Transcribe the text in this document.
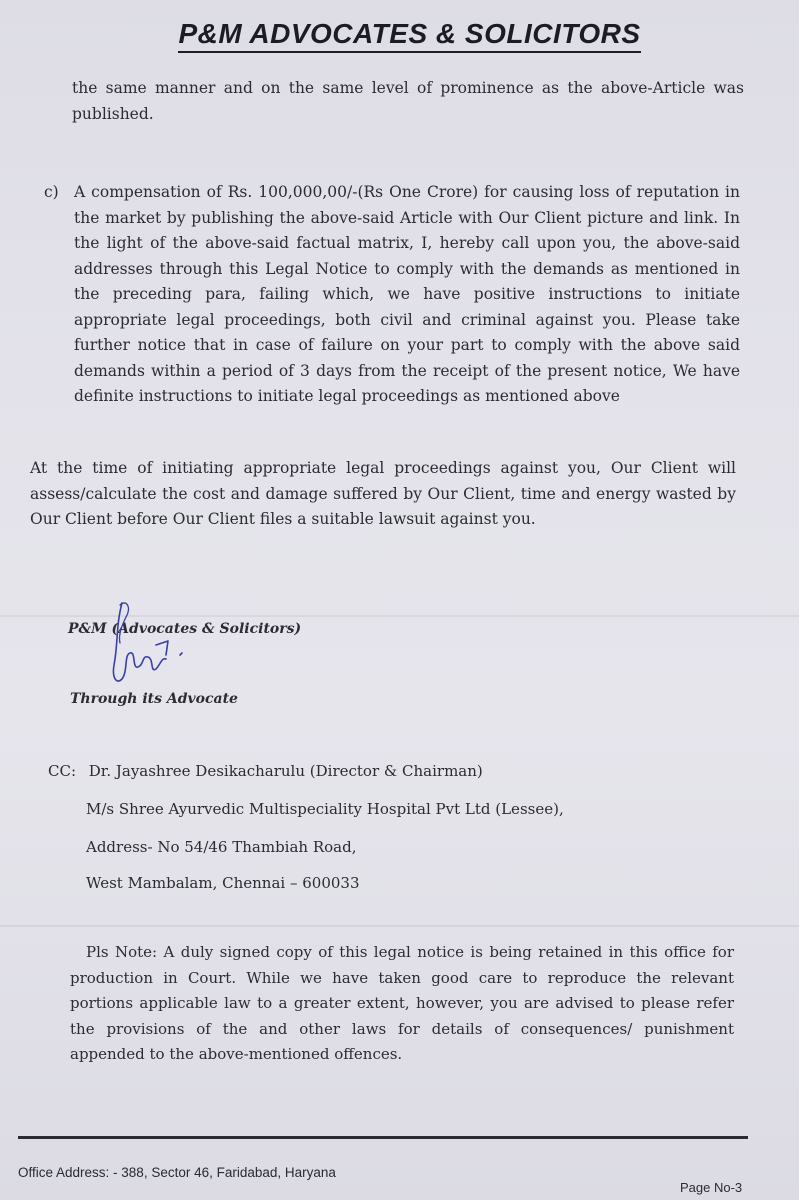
P&M ADVOCATES & SOLICITORS

the same manner and on the same level of prominence as the above-Article was published.

c) A compensation of Rs. 100,000,00/-(Rs One Crore) for causing loss of reputation in the market by publishing the above-said Article with Our Client picture and link. In the light of the above-said factual matrix, I, hereby call upon you, the above-said addresses through this Legal Notice to comply with the demands as mentioned in the preceding para, failing which, we have positive instructions to initiate appropriate legal proceedings, both civil and criminal against you. Please take further notice that in case of failure on your part to comply with the above said demands within a period of 3 days from the receipt of the present notice, We have definite instructions to initiate legal proceedings as mentioned above

At the time of initiating appropriate legal proceedings against you, Our Client will assess/calculate the cost and damage suffered by Our Client, time and energy wasted by Our Client before Our Client files a suitable lawsuit against you.

P&M (Advocates & Solicitors)
Through its Advocate
CC: Dr. Jayashree Desikacharulu (Director & Chairman)
M/s Shree Ayurvedic Multispeciality Hospital Pvt Ltd (Lessee),
Address- No 54/46 Thambiah Road,
West Mambalam, Chennai – 600033

Pls Note: A duly signed copy of this legal notice is being retained in this office for production in Court. While we have taken good care to reproduce the relevant portions applicable law to a greater extent, however, you are advised to please refer the provisions of the and other laws for details of consequences/ punishment appended to the above-mentioned offences.

Office Address: - 388, Sector 46, Faridabad, Haryana
Page No-3
